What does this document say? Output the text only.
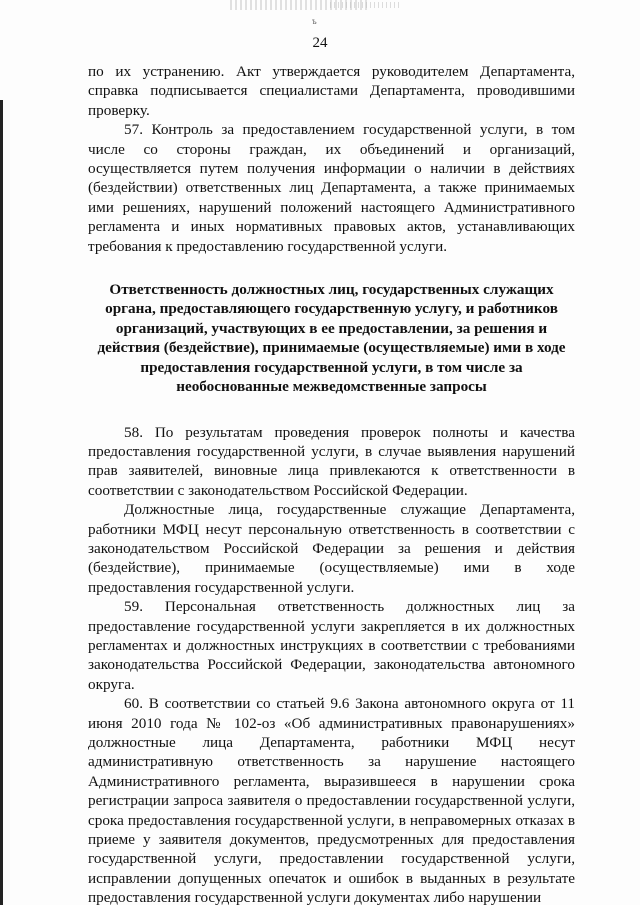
ъ
24

по их устранению. Акт утверждается руководителем Департамента, справка подписывается специалистами Департамента, проводившими проверку.

57. Контроль за предоставлением государственной услуги, в том числе со стороны граждан, их объединений и организаций, осуществляется путем получения информации о наличии в действиях (бездействии) ответственных лиц Департамента, а также принимаемых ими решениях, нарушений положений настоящего Административного регламента и иных нормативных правовых актов, устанавливающих требования к предоставлению государственной услуги.

Ответственность должностных лиц, государственных служащих органа, предоставляющего государственную услугу, и работников организаций, участвующих в ее предоставлении, за решения и действия (бездействие), принимаемые (осуществляемые) ими в ходе предоставления государственной услуги, в том числе за необоснованные межведомственные запросы

58. По результатам проведения проверок полноты и качества предоставления государственной услуги, в случае выявления нарушений прав заявителей, виновные лица привлекаются к ответственности в соответствии с законодательством Российской Федерации.

Должностные лица, государственные служащие Департамента, работники МФЦ несут персональную ответственность в соответствии с законодательством Российской Федерации за решения и действия (бездействие), принимаемые (осуществляемые) ими в ходе предоставления государственной услуги.

59. Персональная ответственность должностных лиц за предоставление государственной услуги закрепляется в их должностных регламентах и должностных инструкциях в соответствии с требованиями законодательства Российской Федерации, законодательства автономного округа.

60. В соответствии со статьей 9.6 Закона автономного округа от 11 июня 2010 года № 102-оз «Об административных правонарушениях» должностные лица Департамента, работники МФЦ несут административную ответственность за нарушение настоящего Административного регламента, выразившееся в нарушении срока регистрации запроса заявителя о предоставлении государственной услуги, срока предоставления государственной услуги, в неправомерных отказах в приеме у заявителя документов, предусмотренных для предоставления государственной услуги, предоставлении государственной услуги, исправлении допущенных опечаток и ошибок в выданных в результате предоставления государственной услуги документах либо нарушении
